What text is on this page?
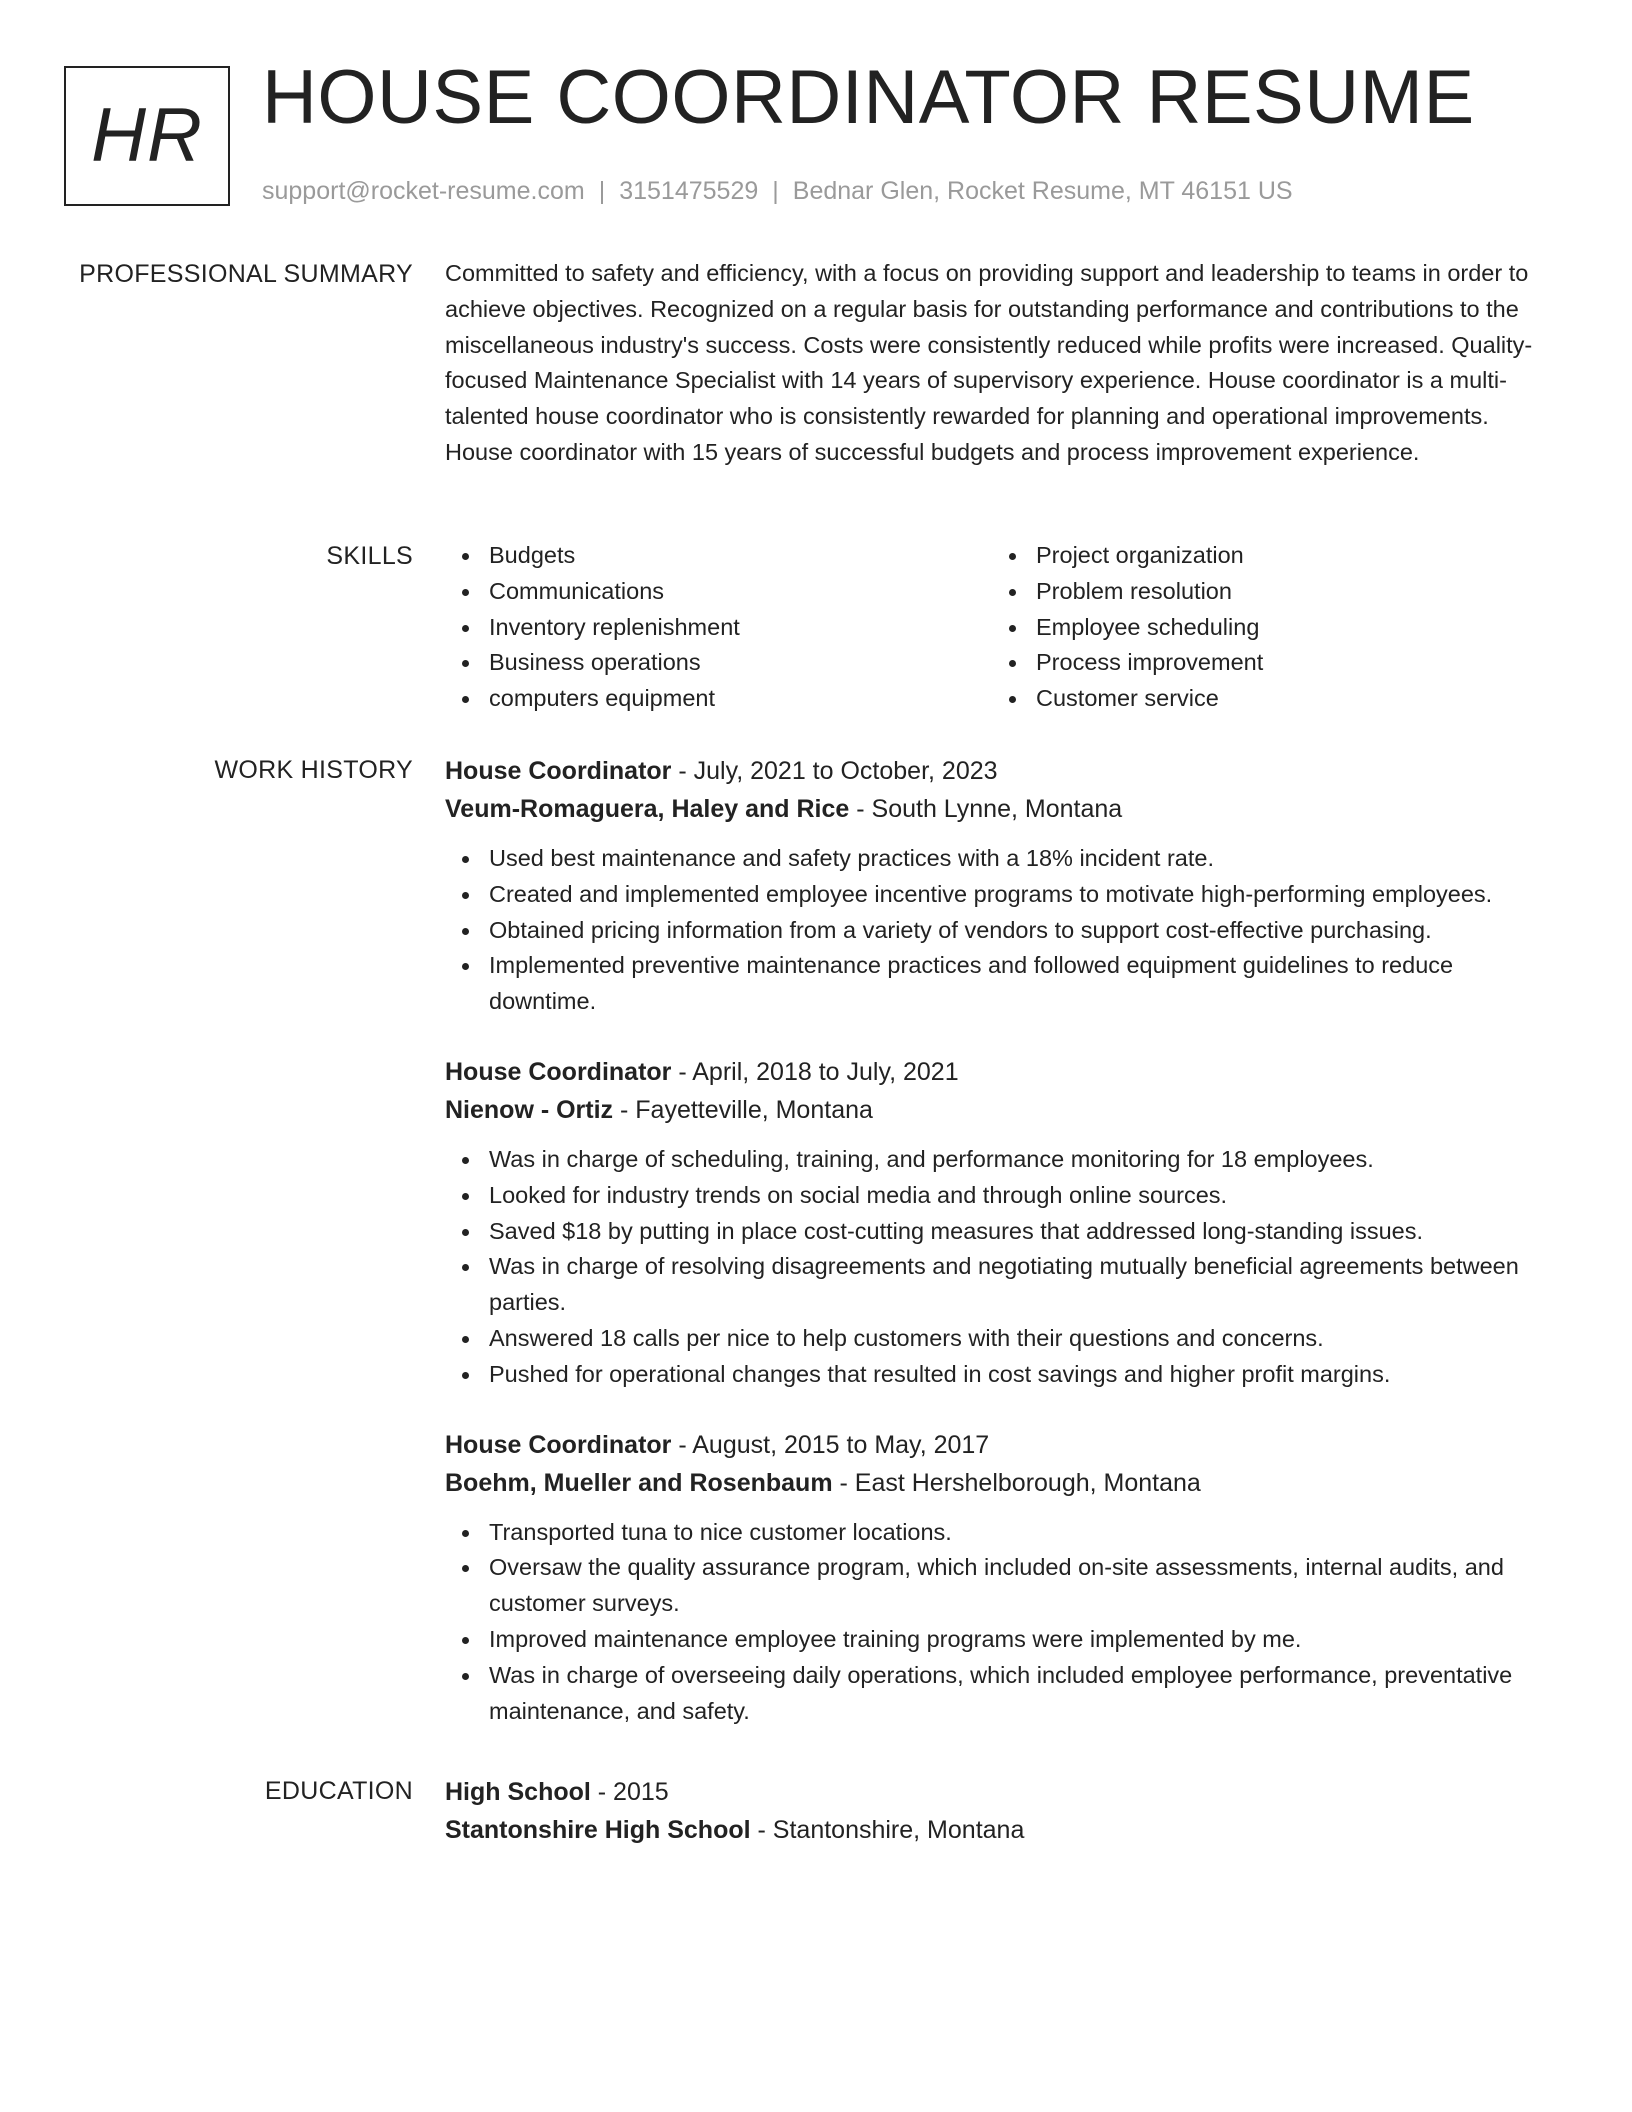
HR HOUSE COORDINATOR RESUME
support@rocket-resume.com | 3151475529 | Bednar Glen, Rocket Resume, MT 46151 US
PROFESSIONAL SUMMARY Committed to safety and efficiency, with a focus on providing support and leadership to teams in order to achieve objectives. Recognized on a regular basis for outstanding performance and contributions to the miscellaneous industry's success. Costs were consistently reduced while profits were increased. Quality-focused Maintenance Specialist with 14 years of supervisory experience. House coordinator is a multi-talented house coordinator who is consistently rewarded for planning and operational improvements. House coordinator with 15 years of successful budgets and process improvement experience.

SKILLS	Budgets
Communications
Inventory replenishment
Business operations
computers equipment
Project organization
Problem resolution
Employee scheduling
Process improvement
Customer service
WORK HISTORY House Coordinator - July, 2021 to October, 2023
Veum-Romaguera, Haley and Rice - South Lynne, Montana
Used best maintenance and safety practices with a 18% incident rate.
Created and implemented employee incentive programs to motivate high-performing employees.
Obtained pricing information from a variety of vendors to support cost-effective purchasing.
Implemented preventive maintenance practices and followed equipment guidelines to reduce downtime.
House Coordinator - April, 2018 to July, 2021
Nienow - Ortiz - Fayetteville, Montana
Was in charge of scheduling, training, and performance monitoring for 18 employees.
Looked for industry trends on social media and through online sources.
Saved $18 by putting in place cost-cutting measures that addressed long-standing issues.
Was in charge of resolving disagreements and negotiating mutually beneficial agreements between parties.
Answered 18 calls per nice to help customers with their questions and concerns.
Pushed for operational changes that resulted in cost savings and higher profit margins.
House Coordinator - August, 2015 to May, 2017
Boehm, Mueller and Rosenbaum - East Hershelborough, Montana
Transported tuna to nice customer locations.
Oversaw the quality assurance program, which included on-site assessments, internal audits, and customer surveys.
Improved maintenance employee training programs were implemented by me.
Was in charge of overseeing daily operations, which included employee performance, preventative maintenance, and safety.
EDUCATION High School - 2015
Stantonshire High School - Stantonshire, Montana
